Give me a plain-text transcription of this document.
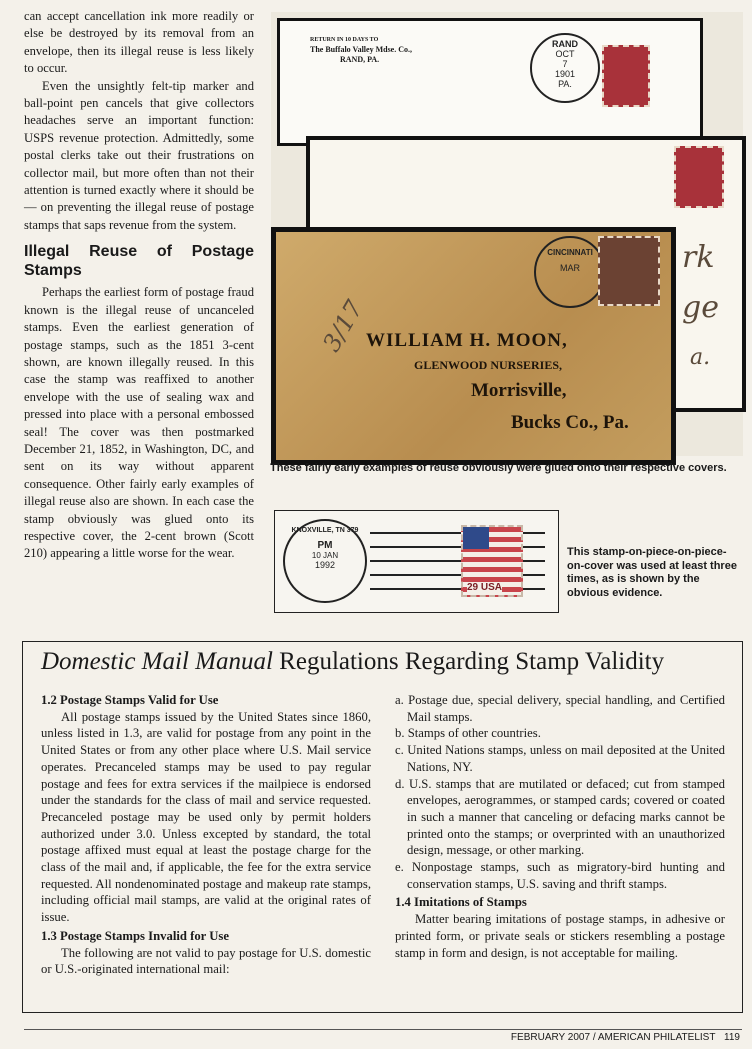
can accept cancellation ink more readily or else be destroyed by its removal from an envelope, then its illegal reuse is less likely to occur.

Even the unsightly felt-tip marker and ball-point pen cancels that give collectors headaches serve an important function: USPS revenue protection. Admittedly, some postal clerks take out their frustrations on collector mail, but more often than not their attention is turned exactly where it should be — on preventing the illegal reuse of postage stamps that saps revenue from the system.

Illegal Reuse of Postage Stamps

Perhaps the earliest form of postage fraud known is the illegal reuse of uncanceled stamps. Even the earliest generation of postage stamps, such as the 1851 3-cent shown, are known illegally reused. In this case the stamp was reaffixed to another envelope with the use of sealing wax and pressed into place with a personal embossed seal! The cover was then postmarked December 21, 1852, in Washington, DC, and sent on its way without apparent consequence. Other fairly early examples of illegal reuse also are shown. In each case the stamp obviously was glued onto its respective cover, the 2-cent brown (Scott 210) appearing a little worse for the wear.

RETURN IN 10 DAYS TO
The Buffalo Valley Mdse. Co.,
RAND, PA.
RAND
OCT
7
1901
PA.
rk
ge
a.
CINCINNATI
MAR
WILLIAM H. MOON,
GLENWOOD NURSERIES,
Morrisville,
Bucks Co., Pa.
3/17
These fairly early examples of reuse obviously were glued onto their respective covers.
KNOXVILLE, TN 379
PM
10 JAN
1992
29 USA
This stamp-on-piece-on-piece-on-cover was used at least three times, as is shown by the obvious evidence.
Domestic Mail Manual Regulations Regarding Stamp Validity
1.2 Postage Stamps Valid for Use

All postage stamps issued by the United States since 1860, unless listed in 1.3, are valid for postage from any point in the United States or from any other place where U.S. Mail service operates. Precanceled stamps may be used to pay regular postage and fees for extra services if the mailpiece is endorsed under the standards for the class of mail and service requested. Precanceled postage may be used only by permit holders authorized under 3.0. Unless excepted by standard, the total postage affixed must equal at least the postage charge for the class of the mail and, if applicable, the fee for the extra service requested. All nondenominated postage and makeup rate stamps, including official mail stamps, are valid at the original rates of issue.

1.3 Postage Stamps Invalid for Use

The following are not valid to pay postage for U.S. domestic or U.S.-originated international mail:

a. Postage due, special delivery, special handling, and Certified Mail stamps.
b. Stamps of other countries.
c. United Nations stamps, unless on mail deposited at the United Nations, NY.
d. U.S. stamps that are mutilated or defaced; cut from stamped envelopes, aerogrammes, or stamped cards; covered or coated in such a manner that canceling or defacing marks cannot be printed onto the stamps; or overprinted with an unauthorized design, message, or other marking.
e. Nonpostage stamps, such as migratory-bird hunting and conservation stamps, U.S. saving and thrift stamps.
1.4 Imitations of Stamps

Matter bearing imitations of postage stamps, in adhesive or printed form, or private seals or stickers resembling a postage stamp in form and design, is not acceptable for mailing.

FEBRUARY 2007 / AMERICAN PHILATELIST 119
